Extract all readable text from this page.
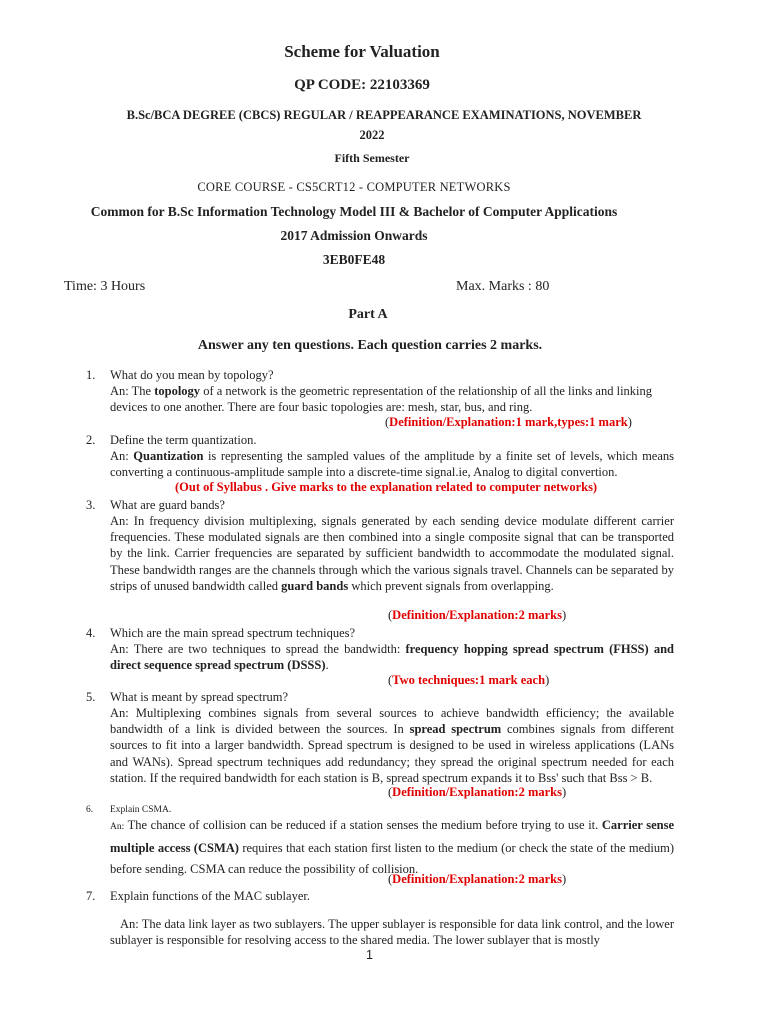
Scheme for Valuation
QP CODE: 22103369
B.Sc/BCA DEGREE (CBCS) REGULAR / REAPPEARANCE EXAMINATIONS, NOVEMBER
2022
Fifth Semester
CORE COURSE - CS5CRT12 - COMPUTER NETWORKS
Common for B.Sc Information Technology Model III & Bachelor of Computer Applications
2017 Admission Onwards
3EB0FE48
Time: 3 Hours	Max. Marks : 80
Part A
Answer any ten questions. Each question carries 2 marks.
1.	What do you mean by topology?
An: The topology of a network is the geometric representation of the relationship of all the links and linking
devices to one another. There are four basic topologies are: mesh, star, bus, and ring.
(Definition/Explanation:1 mark,types:1 mark)
2.	Define the term quantization.
An: Quantization is representing the sampled values of the amplitude by a finite set of levels, which means converting a continuous-amplitude sample into a discrete-time signal.ie, Analog to digital convertion.
(Out of Syllabus . Give marks to the explanation related to computer networks)
3.	What are guard bands?
An: In frequency division multiplexing, signals generated by each sending device modulate different carrier frequencies. These modulated signals are then combined into a single composite signal that can be transported by the link. Carrier frequencies are separated by sufficient bandwidth to accommodate the modulated signal. These bandwidth ranges are the channels through which the various signals travel. Channels can be separated by strips of unused bandwidth called guard bands which prevent signals from overlapping.
(Definition/Explanation:2 marks)
4.	Which are the main spread spectrum techniques?
An: There are two techniques to spread the bandwidth: frequency hopping spread spectrum (FHSS) and direct sequence spread spectrum (DSSS).
(Two techniques:1 mark each)
5.	What is meant by spread spectrum?
An: Multiplexing combines signals from several sources to achieve bandwidth efficiency; the available bandwidth of a link is divided between the sources. In spread spectrum combines signals from different sources to fit into a larger bandwidth. Spread spectrum is designed to be used in wireless applications (LANs and WANs). Spread spectrum techniques add redundancy; they spread the original spectrum needed for each station. If the required bandwidth for each station is B, spread spectrum expands it to Bss' such that Bss > B.
(Definition/Explanation:2 marks)
6.	Explain CSMA.
An: The chance of collision can be reduced if a station senses the medium before trying to use it. Carrier sense multiple access (CSMA) requires that each station first listen to the medium (or check the state of the medium) before sending. CSMA can reduce the possibility of collision.
(Definition/Explanation:2 marks)
7.	Explain functions of the MAC sublayer.
An: The data link layer as two sublayers. The upper sublayer is responsible for data link control, and the lower sublayer is responsible for resolving access to the shared media. The lower sublayer that is mostly
1
